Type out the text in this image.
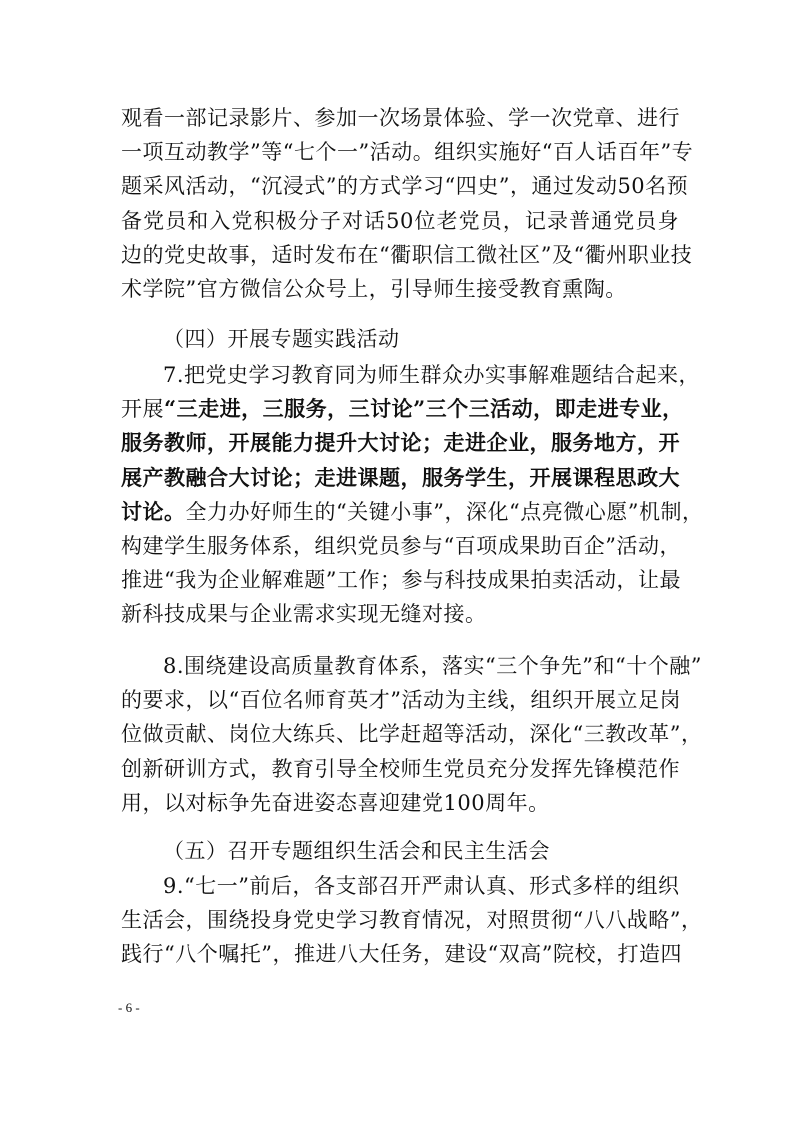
观看一部记录影片、参加一次场景体验、学一次党章、进行
一项互动教学”等“七个一”活动。组织实施好“百人话百年”专
题采风活动，“沉浸式”的方式学习“四史”，通过发动50名预
备党员和入党积极分子对话50位老党员，记录普通党员身
边的党史故事，适时发布在“衢职信工微社区”及“衢州职业技
术学院”官方微信公众号上，引导师生接受教育熏陶。
（四）开展专题实践活动
7.把党史学习教育同为师生群众办实事解难题结合起来，
开展“三走进，三服务，三讨论”三个三活动，即走进专业，
服务教师，开展能力提升大讨论；走进企业，服务地方，开
展产教融合大讨论；走进课题，服务学生，开展课程思政大
讨论。全力办好师生的“关键小事”，深化“点亮微心愿”机制，
构建学生服务体系，组织党员参与“百项成果助百企”活动，
推进“我为企业解难题”工作；参与科技成果拍卖活动，让最
新科技成果与企业需求实现无缝对接。
8.围绕建设高质量教育体系，落实“三个争先”和“十个融”
的要求，以“百位名师育英才”活动为主线，组织开展立足岗
位做贡献、岗位大练兵、比学赶超等活动，深化“三教改革”，
创新研训方式，教育引导全校师生党员充分发挥先锋模范作
用，以对标争先奋进姿态喜迎建党100周年。
（五）召开专题组织生活会和民主生活会
9.“七一”前后，各支部召开严肃认真、形式多样的组织
生活会，围绕投身党史学习教育情况，对照贯彻“八八战略”，
践行“八个嘱托”，推进八大任务，建设“双高”院校，打造四
- 6 -
